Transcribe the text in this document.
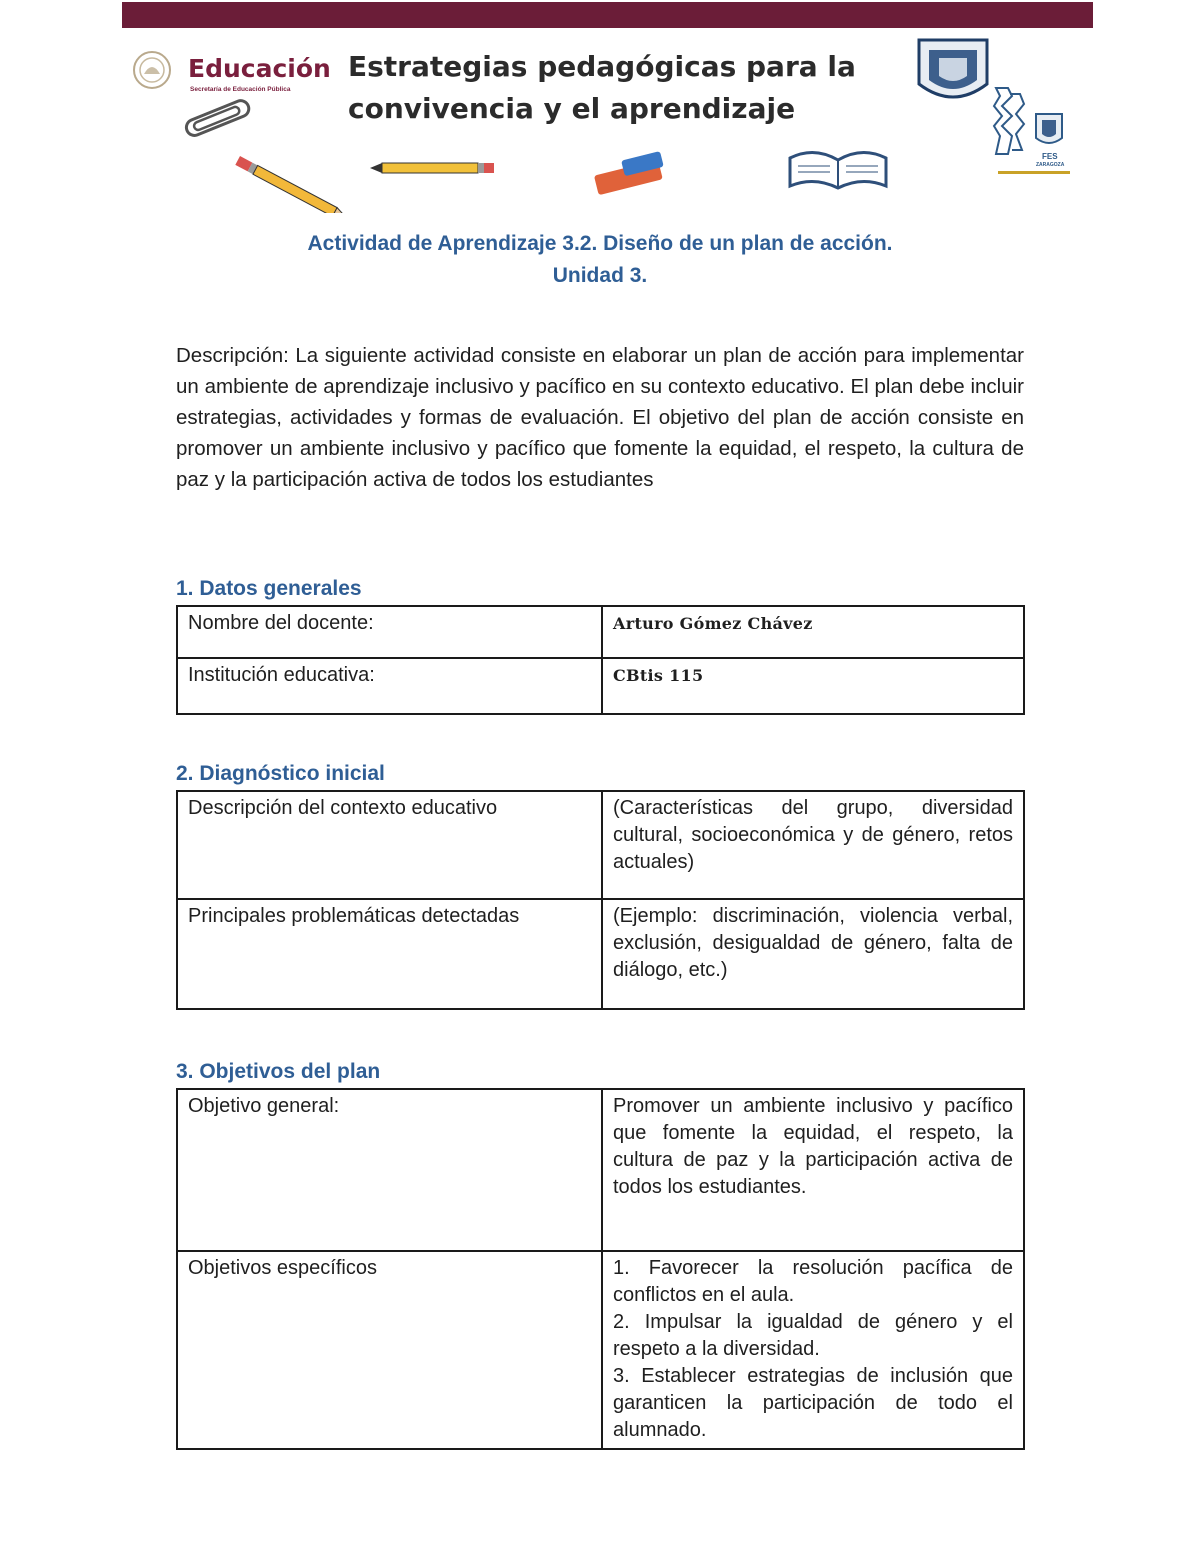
Educación
Secretaría de Educación Pública
Estrategias pedagógicas para la convivencia y el aprendizaje
FES
ZARAGOZA
Actividad de Aprendizaje 3.2. Diseño de un plan de acción.
Unidad 3.
Descripción: La siguiente actividad consiste en elaborar un plan de acción para implementar un ambiente de aprendizaje inclusivo y pacífico en su contexto educativo. El plan debe incluir estrategias, actividades y formas de evaluación. El objetivo del plan de acción consiste en promover un ambiente inclusivo y pacífico que fomente la equidad, el respeto, la cultura de paz y la participación activa de todos los estudiantes
1. Datos generales
Nombre del docente:	Arturo Gómez Chávez
Institución educativa:	CBtis 115
2. Diagnóstico inicial
Descripción del contexto educativo	(Características del grupo, diversidad cultural, socioeconómica y de género, retos actuales)
Principales problemáticas detectadas	(Ejemplo: discriminación, violencia verbal, exclusión, desigualdad de género, falta de diálogo, etc.)
3. Objetivos del plan
Objetivo general:	Promover un ambiente inclusivo y pacífico que fomente la equidad, el respeto, la cultura de paz y la participación activa de todos los estudiantes.
Objetivos específicos	1. Favorecer la resolución pacífica de conflictos en el aula.
2. Impulsar la igualdad de género y el respeto a la diversidad.
3. Establecer estrategias de inclusión que garanticen la participación de todo el alumnado.
